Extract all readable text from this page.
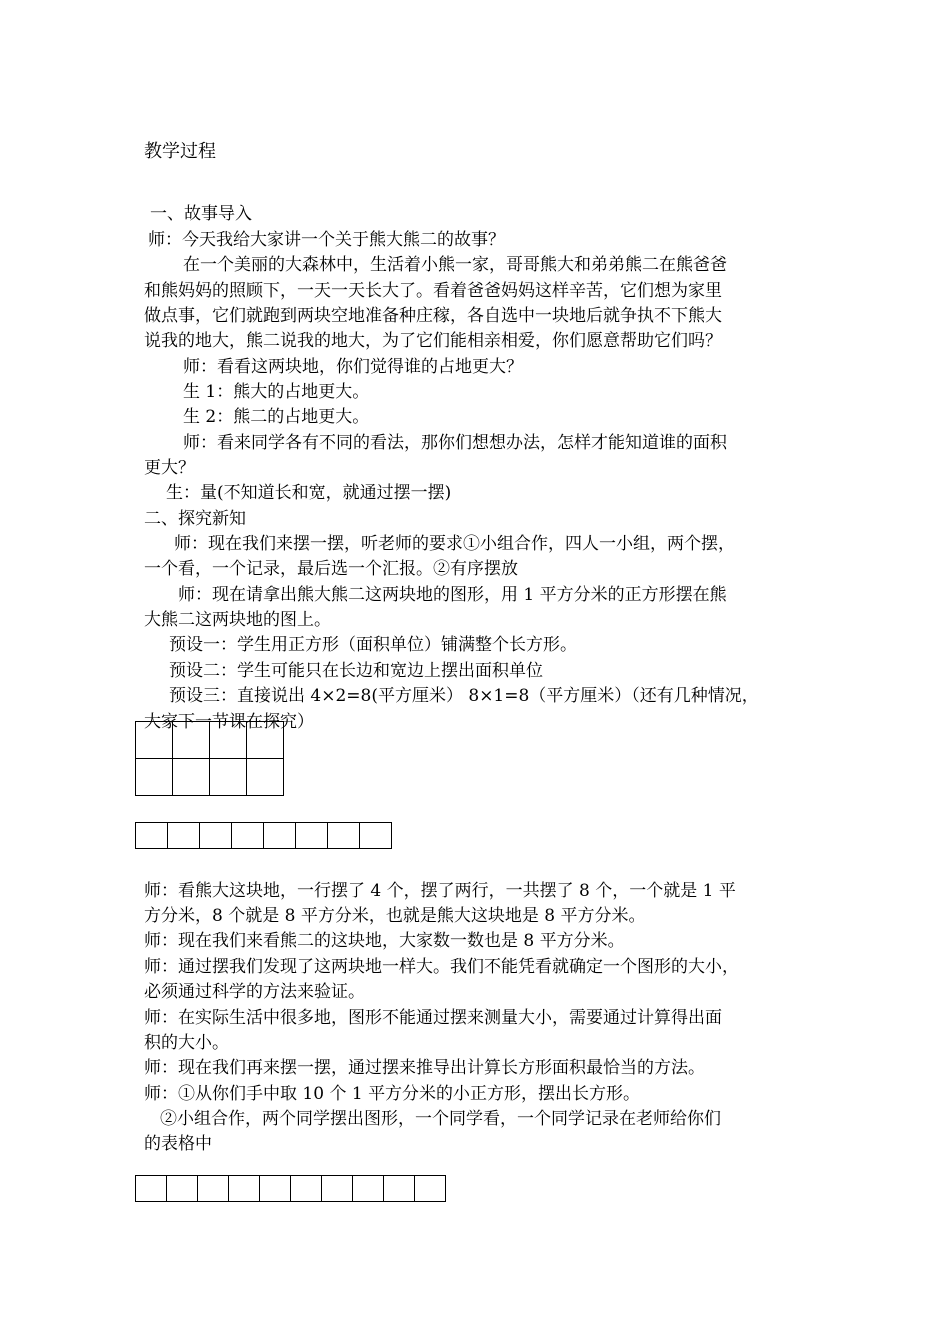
教学过程
一、故事导入
师：今天我给大家讲一个关于熊大熊二的故事？
在一个美丽的大森林中，生活着小熊一家，哥哥熊大和弟弟熊二在熊爸爸
和熊妈妈的照顾下，一天一天长大了。看着爸爸妈妈这样辛苦，它们想为家里
做点事，它们就跑到两块空地准备种庄稼，各自选中一块地后就争执不下熊大
说我的地大，熊二说我的地大，为了它们能相亲相爱，你们愿意帮助它们吗？
师：看看这两块地，你们觉得谁的占地更大？
生 1：熊大的占地更大。
生 2：熊二的占地更大。
师：看来同学各有不同的看法，那你们想想办法，怎样才能知道谁的面积
更大？
生：量(不知道长和宽，就通过摆一摆)
二、探究新知
师：现在我们来摆一摆，听老师的要求①小组合作，四人一小组，两个摆，
一个看，一个记录，最后选一个汇报。②有序摆放
师：现在请拿出熊大熊二这两块地的图形，用 1 平方分米的正方形摆在熊
大熊二这两块地的图上。
预设一：学生用正方形（面积单位）铺满整个长方形。
预设二：学生可能只在长边和宽边上摆出面积单位
预设三：直接说出 4×2=8(平方厘米） 8×1=8（平方厘米）（还有几种情况，
大家下一节课在探究）

师：看熊大这块地，一行摆了 4 个，摆了两行，一共摆了 8 个，一个就是 1 平
方分米，8 个就是 8 平方分米，也就是熊大这块地是 8 平方分米。
师：现在我们来看熊二的这块地，大家数一数也是 8 平方分米。
师：通过摆我们发现了这两块地一样大。我们不能凭看就确定一个图形的大小，
必须通过科学的方法来验证。
师：在实际生活中很多地，图形不能通过摆来测量大小，需要通过计算得出面
积的大小。
师：现在我们再来摆一摆，通过摆来推导出计算长方形面积最恰当的方法。
师：①从你们手中取 10 个 1 平方分米的小正方形，摆出长方形。
②小组合作，两个同学摆出图形，一个同学看，一个同学记录在老师给你们
的表格中
